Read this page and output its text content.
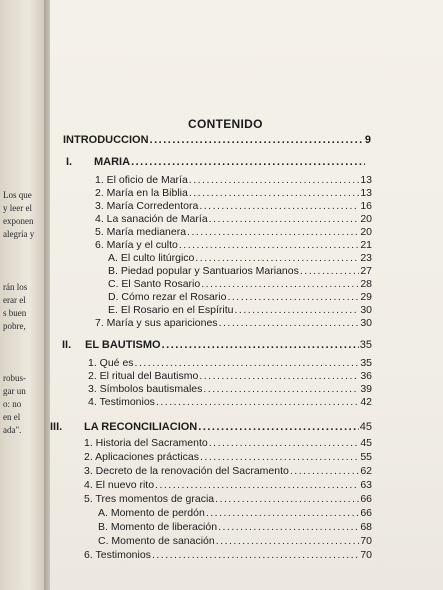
Los que
y leer el
exponen
alegría y
rán los
erar el
s buen
pobre,
robus-
gar un
o: no
en el
ada".
CONTENIDO
INTRODUCCION .....	9
I. MARIA
.....
1. El oficio de María .....	13
2. María en la Biblia .....	13
3. María Corredentora .....	16
4. La sanación de María .....	20
5. María medianera .....	20
6. María y el culto .....	21
A. El culto litúrgico .....	23
B. Piedad popular y Santuarios Marianos .....	27
C. El Santo Rosario .....	28
D. Cómo rezar el Rosario .....	29
E. El Rosario en el Espíritu .....	30
7. María y sus apariciones .....	30
II. EL BAUTISMO .....	35
1. Qué es .....	35
2. El ritual del Bautismo .....	36
3. Símbolos bautismales .....	39
4. Testimonios .....	42
III. LA RECONCILIACION .....	45
1. Historia del Sacramento .....	45
2. Aplicaciones prácticas .....	55
3. Decreto de la renovación del Sacramento .....	62
4. El nuevo rito .....	63
5. Tres momentos de gracia .....	66
A. Momento de perdón .....	66
B. Momento de liberación .....	68
C. Momento de sanación .....	70
6. Testimonios .....	70
